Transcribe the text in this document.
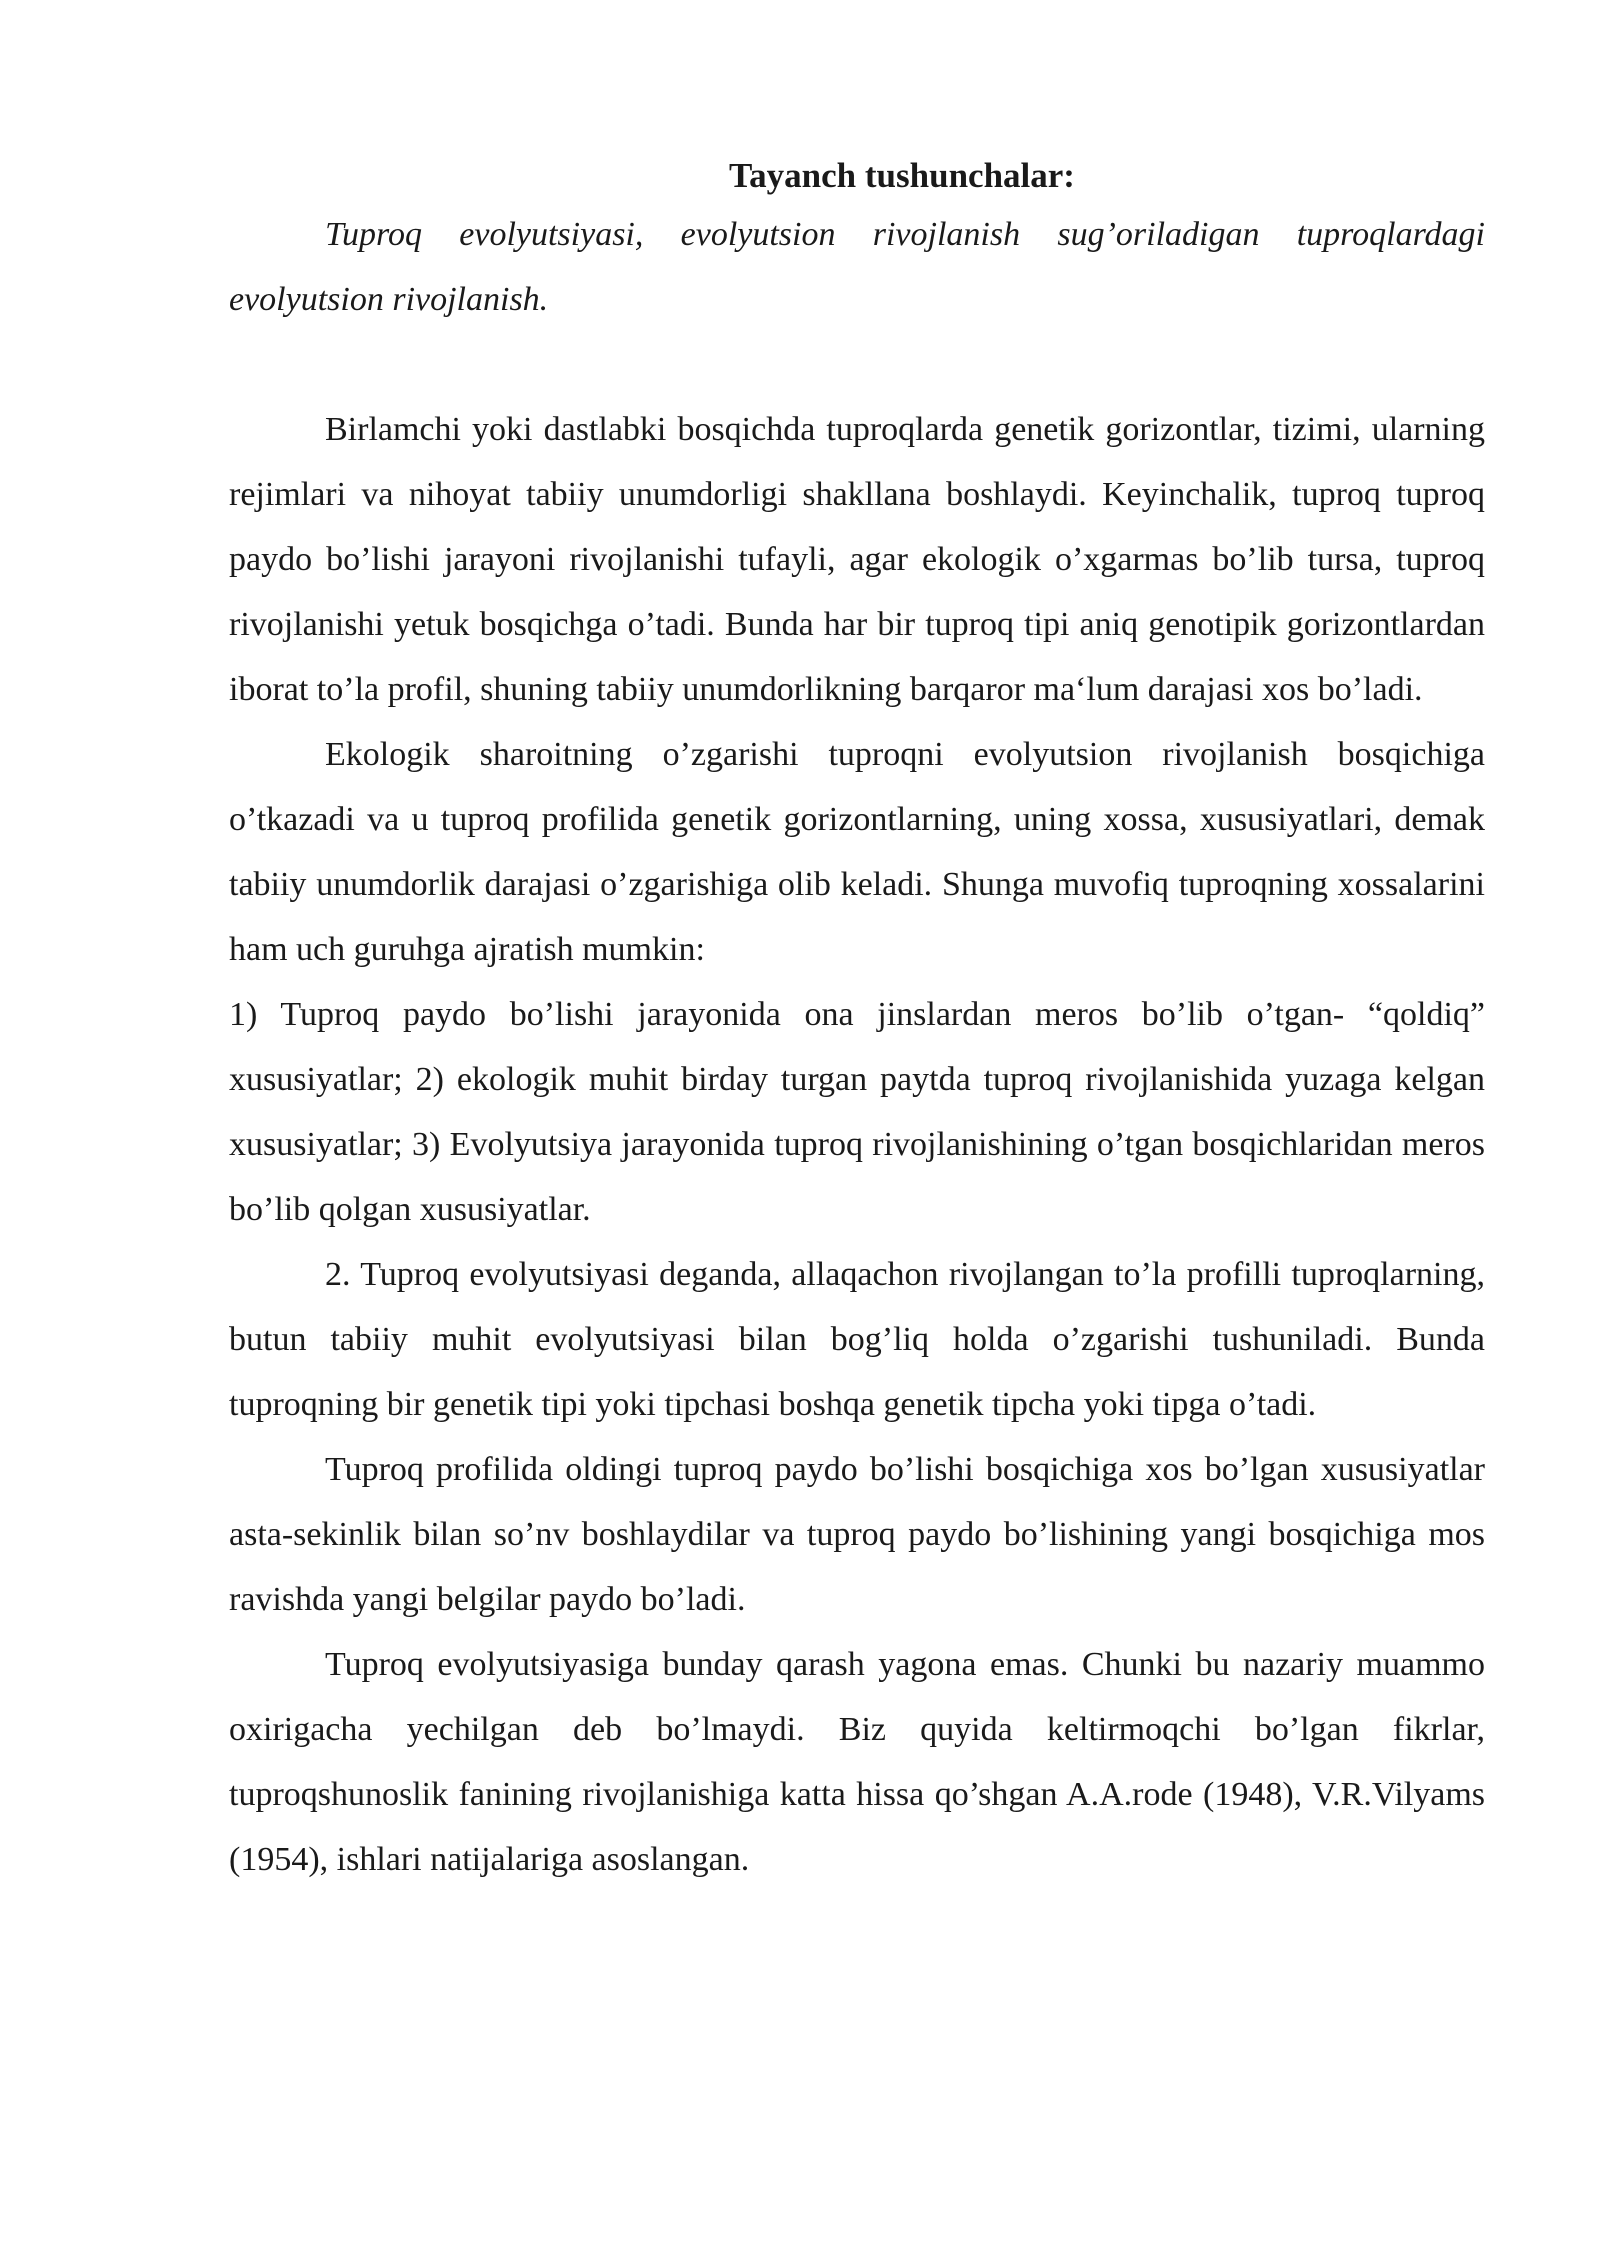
Tayanch tushunchalar:

Tuproq evolyutsiyasi, evolyutsion rivojlanish sug’oriladigan tuproqlardagi evolyutsion rivojlanish.

Birlamchi yoki dastlabki bosqichda tuproqlarda genetik gorizontlar, tizimi, ularning rejimlari va nihoyat tabiiy unumdorligi shakllana boshlaydi. Keyinchalik, tuproq tuproq paydo bo’lishi jarayoni rivojlanishi tufayli, agar ekologik o’xgarmas bo’lib tursa, tuproq rivojlanishi yetuk bosqichga o’tadi. Bunda har bir tuproq tipi aniq genotipik gorizontlardan iborat to’la profil, shuning tabiiy unumdorlikning barqaror ma‘lum darajasi xos bo’ladi.

Ekologik sharoitning o’zgarishi tuproqni evolyutsion rivojlanish bosqichiga o’tkazadi va u tuproq profilida genetik gorizontlarning, uning xossa, xususiyatlari, demak tabiiy unumdorlik darajasi o’zgarishiga olib keladi. Shunga muvofiq tuproqning xossalarini ham uch guruhga ajratish mumkin:

1) Tuproq paydo bo’lishi jarayonida ona jinslardan meros bo’lib o’tgan- “qoldiq” xususiyatlar; 2) ekologik muhit birday turgan paytda tuproq rivojlanishida yuzaga kelgan xususiyatlar; 3) Evolyutsiya jarayonida tuproq rivojlanishining o’tgan bosqichlaridan meros bo’lib qolgan xususiyatlar.

2. Tuproq evolyutsiyasi deganda, allaqachon rivojlangan to’la profilli tuproqlarning, butun tabiiy muhit evolyutsiyasi bilan bog’liq holda o’zgarishi tushuniladi. Bunda tuproqning bir genetik tipi yoki tipchasi boshqa genetik tipcha yoki tipga o’tadi.

Tuproq profilida oldingi tuproq paydo bo’lishi bosqichiga xos bo’lgan xususiyatlar asta-sekinlik bilan so’nv boshlaydilar va tuproq paydo bo’lishining yangi bosqichiga mos ravishda yangi belgilar paydo bo’ladi.

Tuproq evolyutsiyasiga bunday qarash yagona emas. Chunki bu nazariy muammo oxirigacha yechilgan deb bo’lmaydi. Biz quyida keltirmoqchi bo’lgan fikrlar, tuproqshunoslik fanining rivojlanishiga katta hissa qo’shgan A.A.rode (1948), V.R.Vilyams (1954), ishlari natijalariga asoslangan.
